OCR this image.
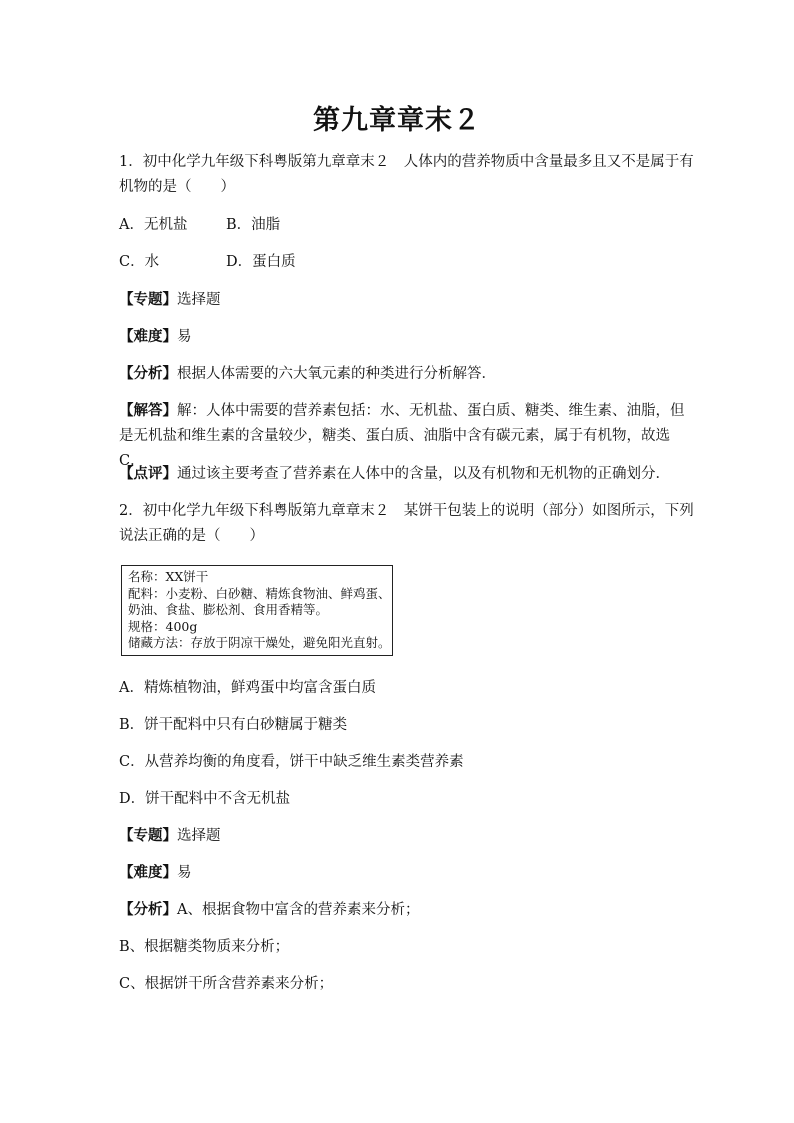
第九章章末２
1．初中化学九年级下科粤版第九章章末２　人体内的营养物质中含量最多且又不是属于有
机物的是（　　）
A．无机盐	B．油脂
C．水	D．蛋白质
【专题】选择题
【难度】易
【分析】根据人体需要的六大氧元素的种类进行分析解答．
【解答】解：人体中需要的营养素包括：水、无机盐、蛋白质、糖类、维生素、油脂，但是无机盐和维生素的含量较少，糖类、蛋白质、油脂中含有碳元素，属于有机物，故选C．
【点评】通过该主要考查了营养素在人体中的含量，以及有机物和无机物的正确划分．
2．初中化学九年级下科粤版第九章章末２　某饼干包装上的说明（部分）如图所示，下列
说法正确的是（　　）
名称：XX饼干
配料：小麦粉、白砂糖、精炼食物油、鲜鸡蛋、
奶油、食盐、膨松剂、食用香精等。
规格：400g
储藏方法：存放于阴凉干燥处，避免阳光直射。
A．精炼植物油，鲜鸡蛋中均富含蛋白质
B．饼干配料中只有白砂糖属于糖类
C．从营养均衡的角度看，饼干中缺乏维生素类营养素
D．饼干配料中不含无机盐
【专题】选择题
【难度】易
【分析】A、根据食物中富含的营养素来分析；
B、根据糖类物质来分析；
C、根据饼干所含营养素来分析；
